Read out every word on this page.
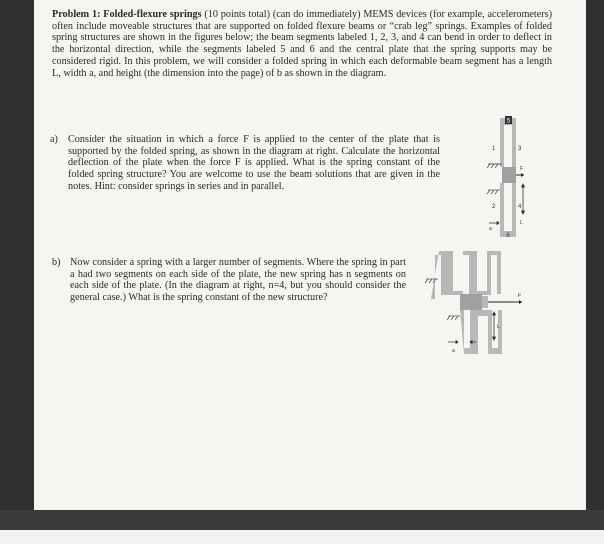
Problem 1: Folded-flexure springs (10 points total) (can do immediately) MEMS devices (for example, accelerometers) often include moveable structures that are supported on folded flexure beams or “crab leg” springs. Examples of folded spring structures are shown in the figures below; the beam segments labeled 1, 2, 3, and 4 can bend in order to deflect in the horizontal direction, while the segments labeled 5 and 6 and the central plate that the spring supports may be considered rigid. In this problem, we will consider a folded spring in which each deformable beam segment has a length L, width a, and height (the dimension into the page) of b as shown in the diagram.
a) Consider the situation in which a force F is applied to the center of the plate that is supported by the folded spring, as shown in the diagram at right. Calculate the horizontal deflection of the plate when the force F is applied. What is the spring constant of the folded spring structure? You are welcome to use the beam solutions that are given in the notes. Hint: consider springs in series and in parallel.
b) Now consider a spring with a larger number of segments. Where the spring in part a had two segments on each side of the plate, the new spring has n segments on each side of the plate. (In the diagram at right, n=4, but you should consider the general case.) What is the spring constant of the new structure?
5
1	3
F
2	4
6
a
L
F
a
L
